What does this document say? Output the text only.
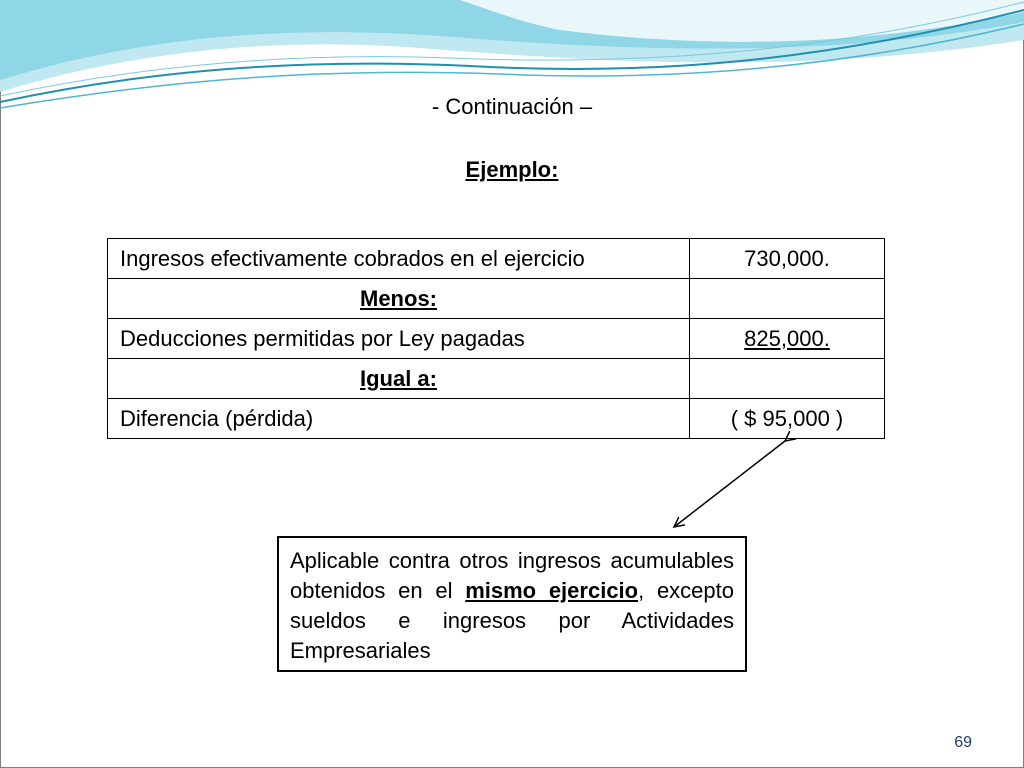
- Continuación –
Ejemplo:
Ingresos efectivamente cobrados en el ejercicio	730,000.
Menos:	
Deducciones permitidas por Ley pagadas	825,000.
Igual a:	
Diferencia (pérdida)	( $ 95,000 )
Aplicable contra otros ingresos acumulables obtenidos en el mismo ejercicio, excepto sueldos e ingresos por Actividades Empresariales
69
